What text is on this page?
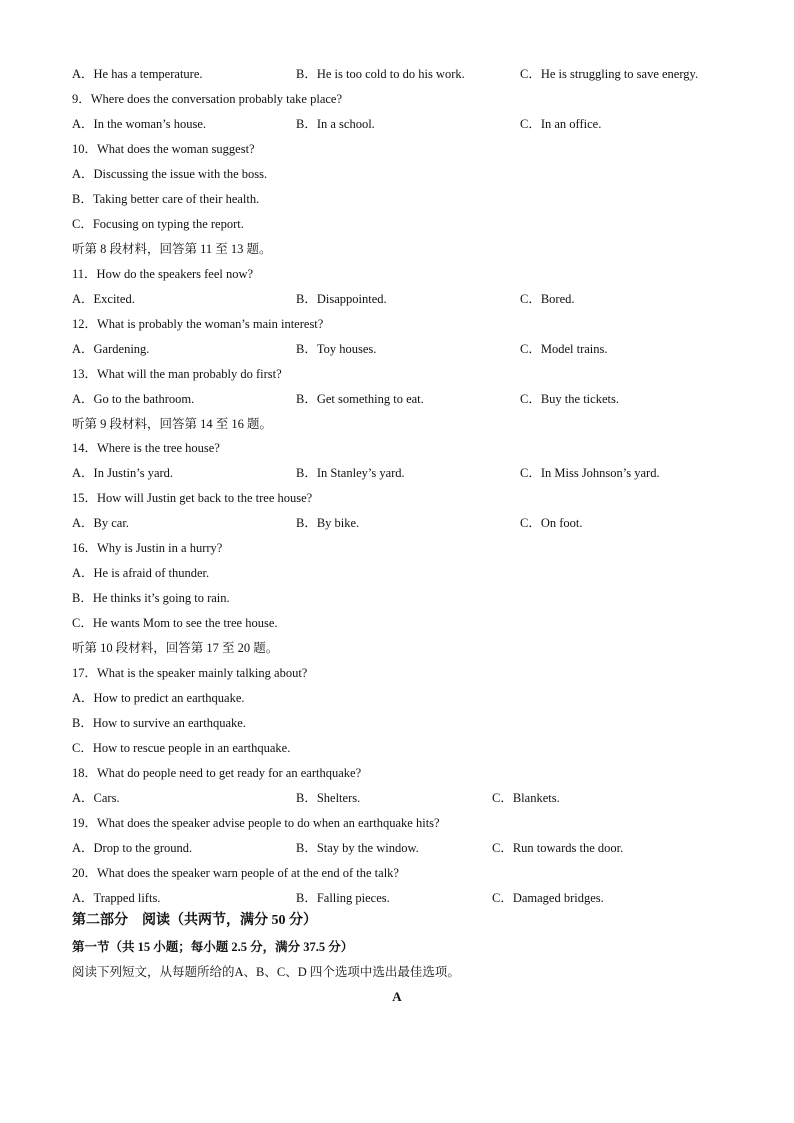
A．He has a temperature.	B．He is too cold to do his work.	C．He is struggling to save energy.
9．Where does the conversation probably take place?
A．In the woman’s house.	B．In a school.	C．In an office.
10．What does the woman suggest?
A．Discussing the issue with the boss.
B．Taking better care of their health.
C．Focusing on typing the report.
听第 8 段材料，回答第 11 至 13 题。
11．How do the speakers feel now?
A．Excited.	B．Disappointed.	C．Bored.
12．What is probably the woman’s main interest?
A．Gardening.	B．Toy houses.	C．Model trains.
13．What will the man probably do first?
A．Go to the bathroom.	B．Get something to eat.	C．Buy the tickets.
听第 9 段材料，回答第 14 至 16 题。
14．Where is the tree house?
A．In Justin’s yard.	B．In Stanley’s yard.	C．In Miss Johnson’s yard.
15．How will Justin get back to the tree house?
A．By car.	B．By bike.	C．On foot.
16．Why is Justin in a hurry?
A．He is afraid of thunder.
B．He thinks it’s going to rain.
C．He wants Mom to see the tree house.
听第 10 段材料，回答第 17 至 20 题。
17．What is the speaker mainly talking about?
A．How to predict an earthquake.
B．How to survive an earthquake.
C．How to rescue people in an earthquake.
18．What do people need to get ready for an earthquake?
A．Cars.	B．Shelters.	C．Blankets.
19．What does the speaker advise people to do when an earthquake hits?
A．Drop to the ground.	B．Stay by the window.	C．Run towards the door.
20．What does the speaker warn people of at the end of the talk?
A．Trapped lifts.	B．Falling pieces.	C．Damaged bridges.
第二部分　阅读（共两节，满分 50 分）
第一节（共 15 小题；每小题 2.5 分，满分 37.5 分）
阅读下列短文，从每题所给的A、B、C、D 四个选项中选出最佳选项。
A
